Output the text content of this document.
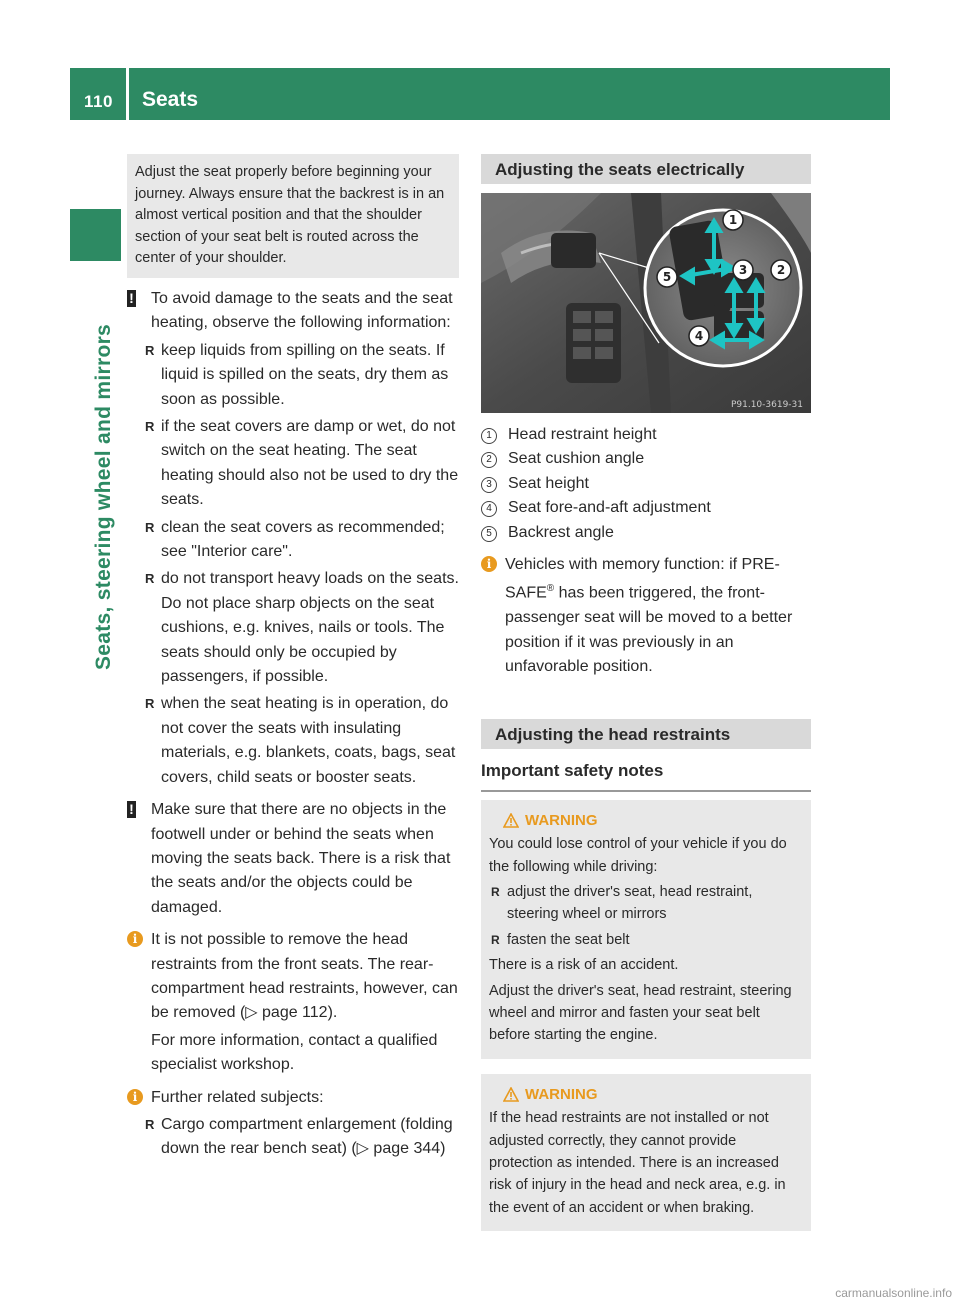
110 Seats
Seats, steering wheel and mirrors

Adjust the seat properly before beginning your journey. Always ensure that the backrest is in an almost vertical position and that the shoulder section of your seat belt is routed across the center of your shoulder.

! To avoid damage to the seats and the seat heating, observe the following information:

R keep liquids from spilling on the seats. If liquid is spilled on the seats, dry them as soon as possible.
R if the seat covers are damp or wet, do not switch on the seat heating. The seat heating should also not be used to dry the seats.
R clean the seat covers as recommended; see "Interior care".
R do not transport heavy loads on the seats. Do not place sharp objects on the seat cushions, e.g. knives, nails or tools. The seats should only be occupied by passengers, if possible.
R when the seat heating is in operation, do not cover the seats with insulating materials, e.g. blankets, coats, bags, seat covers, child seats or booster seats.
! Make sure that there are no objects in the footwell under or behind the seats when moving the seats back. There is a risk that the seats and/or the objects could be damaged.

i It is not possible to remove the head restraints from the front seats. The rear-compartment head restraints, however, can be removed (▷ page 112).

For more information, contact a qualified specialist workshop.

i Further related subjects:

R Cargo compartment enlargement (folding down the rear bench seat) (▷ page 344)
Adjusting the seats electrically
1
2
3
4
5
P91.10-3619-31
1	Head restraint height
2	Seat cushion angle
3	Seat height
4	Seat fore-and-aft adjustment
5	Backrest angle
i Vehicles with memory function: if PRE-SAFE® has been triggered, the front-passenger seat will be moved to a better position if it was previously in an unfavorable position.

Adjusting the head restraints
Important safety notes
WARNING

You could lose control of your vehicle if you do the following while driving:

R adjust the driver's seat, head restraint, steering wheel or mirrors
R fasten the seat belt

There is a risk of an accident.

Adjust the driver's seat, head restraint, steering wheel and mirror and fasten your seat belt before starting the engine.

WARNING

If the head restraints are not installed or not adjusted correctly, they cannot provide protection as intended. There is an increased risk of injury in the head and neck area, e.g. in the event of an accident or when braking.

carmanualsonline.info
